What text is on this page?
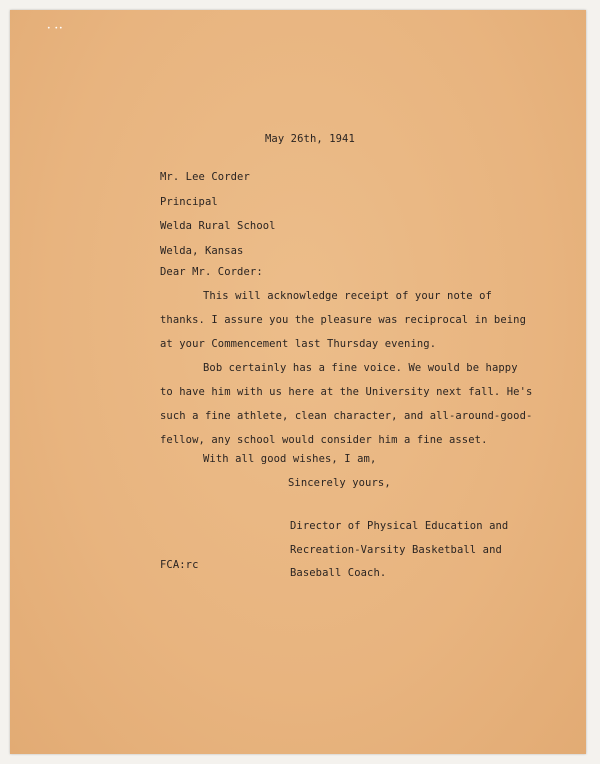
• ••
May 26th, 1941
Mr. Lee Corder
Principal
Welda Rural School
Welda, Kansas
Dear Mr. Corder:
This will acknowledge receipt of your note of
thanks. I assure you the pleasure was reciprocal in being
at your Commencement last Thursday evening.
Bob certainly has a fine voice. We would be happy
to have him with us here at the University next fall. He's
such a fine athlete, clean character, and all-around-good-
fellow, any school would consider him a fine asset.
With all good wishes, I am,
Sincerely yours,
Director of Physical Education and
Recreation-Varsity Basketball and
Baseball Coach.
FCA:rc
